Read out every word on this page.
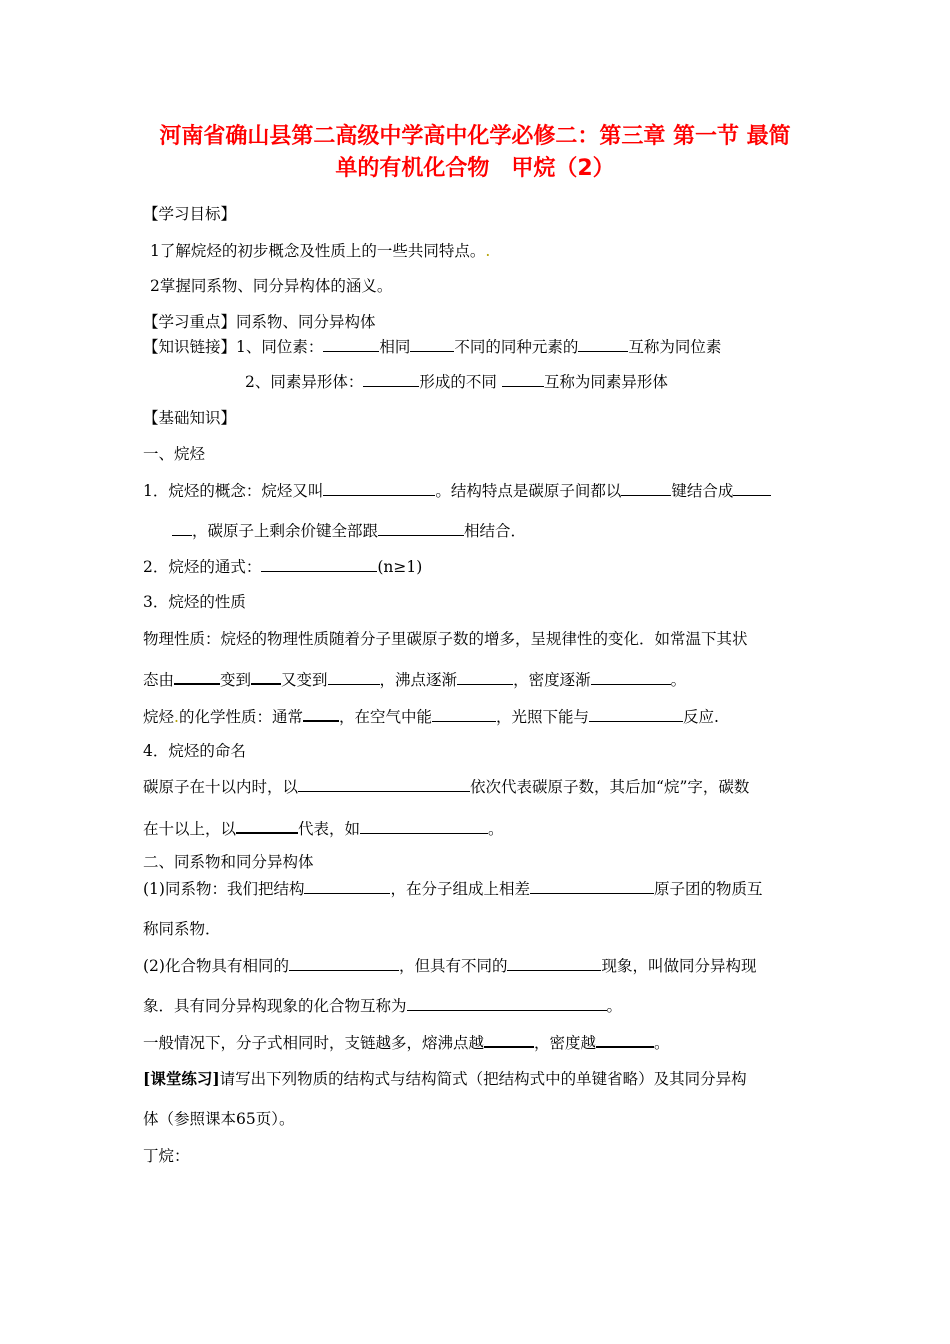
河南省确山县第二高级中学高中化学必修二：第三章 第一节 最简
单的有机化合物　甲烷（2）
【学习目标】
1了解烷烃的初步概念及性质上的一些共同特点。.
2掌握同系物、同分异构体的涵义。
【学习重点】同系物、同分异构体
【知识链接】1、同位素：	相同	不同的同种元素的	互称为同位素
2、同素异形体：	形成的不同	互称为同素异形体
【基础知识】
一、烷烃
1．烷烃的概念：烷烃又叫	。结构特点是碳原子间都以	键结合成
，碳原子上剩余价键全部跟	相结合．
2．烷烃的通式：	(n≥1)
3．烷烃的性质
物理性质：烷烃的物理性质随着分子里碳原子数的增多，呈规律性的变化．如常温下其状
态由	变到 又变到	，沸点逐渐	，密度逐渐	。
烷烃.的化学性质：通常 ，在空气中能	，光照下能与	反应.
4．烷烃的命名
碳原子在十以内时，以	依次代表碳原子数，其后加“烷”字，碳数
在十以上，以	代表，如	。
二、同系物和同分异构体
(1)同系物：我们把结构	，在分子组成上相差	原子团的物质互
称同系物．
(2)化合物具有相同的	，但具有不同的	现象，叫做同分异构现
象．具有同分异构现象的化合物互称为	。
一般情况下，分子式相同时，支链越多，熔沸点越	，密度越	。
[课堂练习]请写出下列物质的结构式与结构简式（把结构式中的单键省略）及其同分异构
体（参照课本65页）。
丁烷：
